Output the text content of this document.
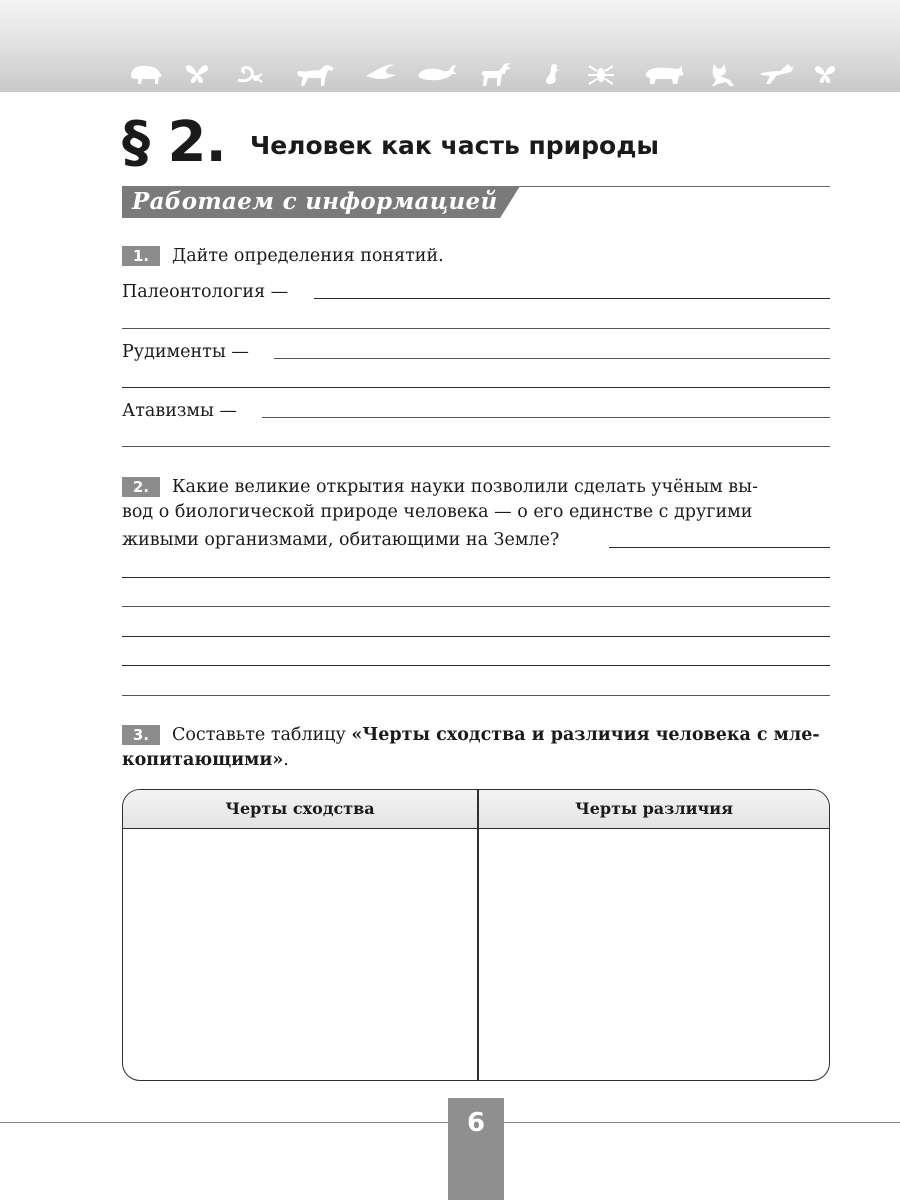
§ 2. Человек как часть природы
Работаем с информацией
1.	Дайте определения понятий.
Палеонтология —
Рудименты —
Атавизмы —
2.	Какие великие открытия науки позволили сделать учёным вы-
вод о биологической природе человека — о его единстве с другими
живыми организмами, обитающими на Земле?
3.	Составьте таблицу «Черты сходства и различия человека с мле-
копитающими».
Черты сходства	Черты различия
6
